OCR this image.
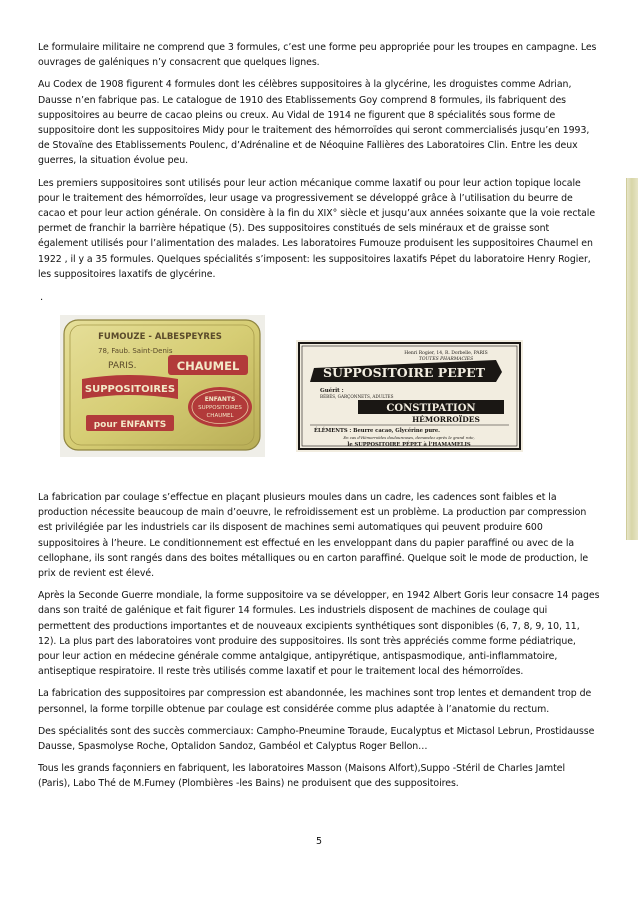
Le formulaire militaire ne comprend que 3 formules, c’est une forme peu appropriée pour les troupes en campagne. Les ouvrages de galéniques n’y consacrent que quelques lignes.

Au Codex de 1908 figurent 4 formules dont les célèbres suppositoires à la glycérine, les droguistes comme Adrian, Dausse n’en fabrique pas. Le catalogue de 1910 des Etablissements Goy comprend 8 formules, ils fabriquent des suppositoires au beurre de cacao pleins ou creux. Au Vidal de 1914 ne figurent que 8 spécialités sous forme de suppositoire dont les suppositoires Midy pour le traitement des hémorroïdes qui seront commercialisés jusqu’en 1993, de Stovaïne des Etablissements Poulenc, d’Adrénaline et de Néoquine Fallières des Laboratoires Clin. Entre les deux guerres, la situation évolue peu.

Les premiers suppositoires sont utilisés pour leur action mécanique comme laxatif ou pour leur action topique locale pour le traitement des hémorroïdes, leur usage va progressivement se développé grâce à l’utilisation du beurre de cacao et pour leur action générale. On considère à la fin du XIX° siècle et jusqu’aux années soixante que la voie rectale permet de franchir la barrière hépatique (5). Des suppositoires constitués de sels minéraux et de graisse sont également utilisés pour l’alimentation des malades. Les laboratoires Fumouze produisent les suppositoires Chaumel en 1922 , il y a 35 formules. Quelques spécialités s’imposent: les suppositoires laxatifs Pépet du laboratoire Henry Rogier, les suppositoires laxatifs de glycérine.

.
FUMOUZE - ALBESPEYRES
78, Faub. Saint-Denis
PARIS.	CHAUMEL
SUPPOSITOIRES
ENFANTS
SUPPOSITOIRES
CHAUMEL
pour ENFANTS
Henri Rogier, 14, R. Dorbelle, PARIS
TOUTES PHARMACIES
SUPPOSITOIRE PEPET
Guérit :
BÉBÉS, GARÇONNETS, ADULTES
CONSTIPATION
HÉMORROÏDES
ÉLÉMENTS : Beurre cacao, Glycérine pure.
En cas d’Hémorroïdes douloureuses, demandez après le grand rote,
le SUPPOSITOIRE PÉPET à l’HAMAMELIS

La fabrication par coulage s’effectue en plaçant plusieurs moules dans un cadre, les cadences sont faibles et la production nécessite beaucoup de main d’oeuvre, le refroidissement est un problème. La production par compression est privilégiée par les industriels car ils disposent de machines semi automatiques qui peuvent produire 600 suppositoires à l’heure. Le conditionnement est effectué en les enveloppant dans du papier paraffiné ou avec de la cellophane, ils sont rangés dans des boites métalliques ou en carton paraffiné. Quelque soit le mode de production, le prix de revient est élevé.

Après la Seconde Guerre mondiale, la forme suppositoire va se développer, en 1942 Albert Goris leur consacre 14 pages dans son traité de galénique et fait figurer 14 formules. Les industriels disposent de machines de coulage qui permettent des productions importantes et de nouveaux excipients synthétiques sont disponibles (6, 7, 8, 9, 10, 11, 12). La plus part des laboratoires vont produire des suppositoires. Ils sont très appréciés comme forme pédiatrique, pour leur action en médecine générale comme antalgique, antipyrétique, antispasmodique, anti-inflammatoire, antiseptique respiratoire. Il reste très utilisés comme laxatif et pour le traitement local des hémorroïdes.

La fabrication des suppositoires par compression est abandonnée, les machines sont trop lentes et demandent trop de personnel, la forme torpille obtenue par coulage est considérée comme plus adaptée à l’anatomie du rectum.

Des spécialités sont des succès commerciaux: Campho-Pneumine Toraude, Eucalyptus et Mictasol Lebrun, Prostidausse Dausse, Spasmolyse Roche, Optalidon Sandoz, Gambéol et Calyptus Roger Bellon…

Tous les grands façonniers en fabriquent, les laboratoires Masson (Maisons Alfort),Suppo -Stéril de Charles Jamtel (Paris), Labo Thé de M.Fumey (Plombières -les Bains) ne produisent que des suppositoires.

5
